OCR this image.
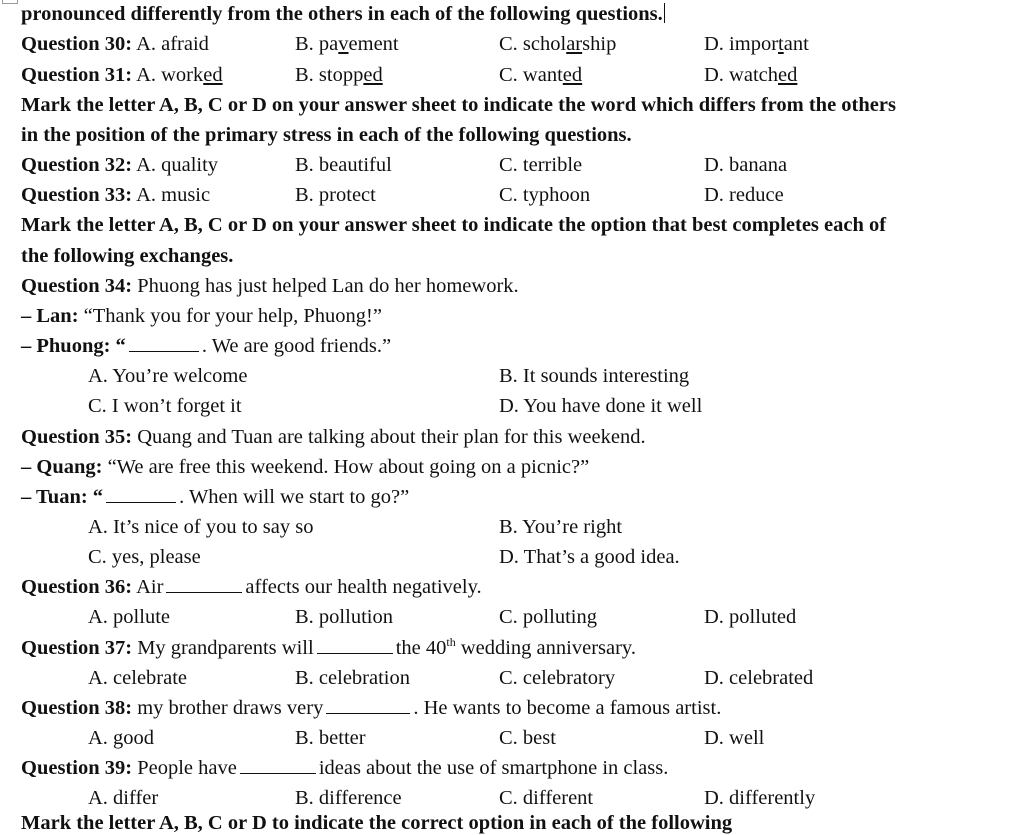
pronounced differently from the others in each of the following questions.
Question 30: A. afraid	B. pavement	C. scholarship	D. important
Question 31: A. worked	B. stopped	C. wanted	D. watched
Mark the letter A, B, C or D on your answer sheet to indicate the word which differs from the others
in the position of the primary stress in each of the following questions.
Question 32: A. quality	B. beautiful	C. terrible	D. banana
Question 33: A. music	B. protect	C. typhoon	D. reduce
Mark the letter A, B, C or D on your answer sheet to indicate the option that best completes each of
the following exchanges.
Question 34: Phuong has just helped Lan do her homework.
– Lan: “Thank you for your help, Phuong!”
– Phuong: “	. We are good friends.”
A. You’re welcome	B. It sounds interesting
C. I won’t forget it	D. You have done it well
Question 35: Quang and Tuan are talking about their plan for this weekend.
– Quang: “We are free this weekend. How about going on a picnic?”
– Tuan: “	. When will we start to go?”
A. It’s nice of you to say so	B. You’re right
C. yes, please	D. That’s a good idea.
Question 36: Air	affects our health negatively.
A. pollute	B. pollution	C. polluting	D. polluted
Question 37: My grandparents will	the 40th wedding anniversary.
A. celebrate	B. celebration	C. celebratory	D. celebrated
Question 38: my brother draws very	. He wants to become a famous artist.
A. good	B. better	C. best	D. well
Question 39: People have	ideas about the use of smartphone in class.
A. differ	B. difference	C. different	D. differently
Mark the letter A, B, C or D to indicate the correct option in each of the following
